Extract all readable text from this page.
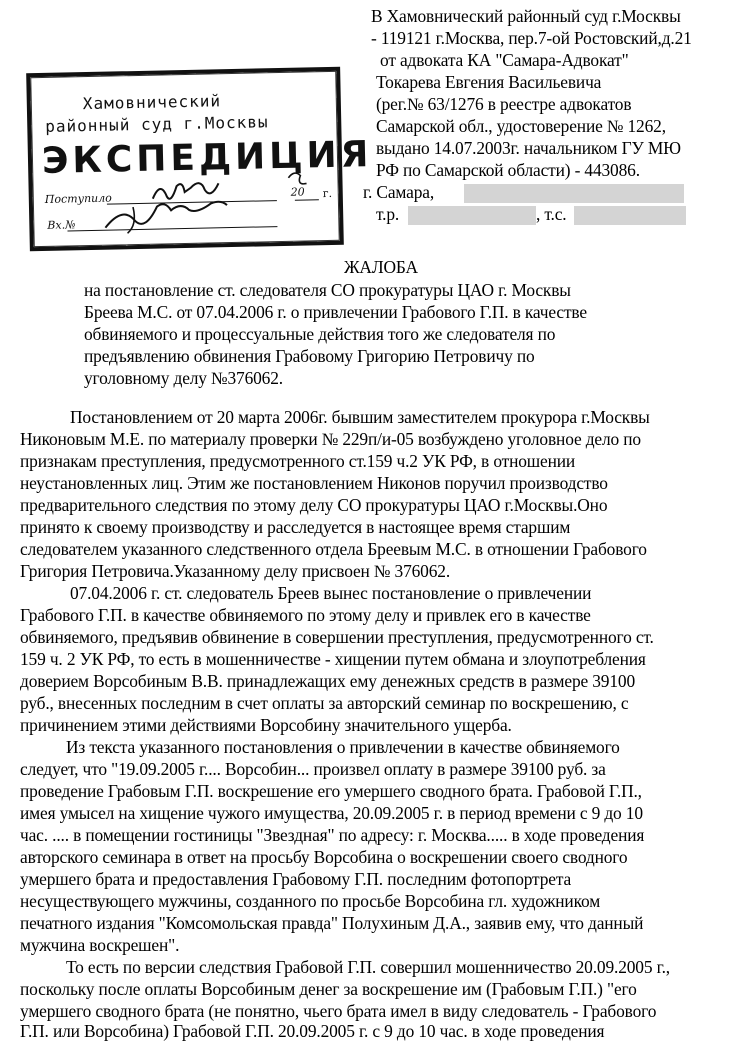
В Хамовнический районный суд г.Москвы
- 119121 г.Москва, пер.7-ой Ростовский,д.21
от адвоката КА "Самара-Адвокат"
Токарева Евгения Васильевича
(рег.№ 63/1276 в реестре адвокатов
Самарской обл., удостоверение № 1262,
выдано 14.07.2003г. начальником ГУ МЮ
РФ по Самарской области) - 443086.
г. Самара,
т.р.	, т.с.
Хамовнический
районный суд г.Москвы
ЭКСПЕДИЦИЯ
Поступило	20 г.
Вх.№
ЖАЛОБА
на постановление ст. следователя СО прокуратуры ЦАО г. Москвы
Бреева М.С. от 07.04.2006 г. о привлечении Грабового Г.П. в качестве
обвиняемого и процессуальные действия того же следователя по
предъявлению обвинения Грабовому Григорию Петровичу по
уголовному делу №376062.
Постановлением от 20 марта 2006г. бывшим заместителем прокурора г.Москвы
Никоновым М.Е. по материалу проверки № 229п/и-05 возбуждено уголовное дело по
признакам преступления, предусмотренного ст.159 ч.2 УК РФ, в отношении
неустановленных лиц. Этим же постановлением Никонов поручил производство
предварительного следствия по этому делу СО прокуратуры ЦАО г.Москвы.Оно
принято к своему производству и расследуется в настоящее время старшим
следователем указанного следственного отдела Бреевым М.С. в отношении Грабового
Григория Петровича.Указанному делу присвоен № 376062.
07.04.2006 г. ст. следователь Бреев вынес постановление о привлечении
Грабового Г.П. в качестве обвиняемого по этому делу и привлек его в качестве
обвиняемого, предъявив обвинение в совершении преступления, предусмотренного ст.
159 ч. 2 УК РФ, то есть в мошенничестве - хищении путем обмана и злоупотребления
доверием Ворсобиным В.В. принадлежащих ему денежных средств в размере 39100
руб., внесенных последним в счет оплаты за авторский семинар по воскрешению, с
причинением этими действиями Ворсобину значительного ущерба.
Из текста указанного постановления о привлечении в качестве обвиняемого
следует, что "19.09.2005 г.... Ворсобин... произвел оплату в размере 39100 руб. за
проведение Грабовым Г.П. воскрешение его умершего сводного брата. Грабовой Г.П.,
имея умысел на хищение чужого имущества, 20.09.2005 г. в период времени с 9 до 10
час. .... в помещении гостиницы "Звездная" по адресу: г. Москва..... в ходе проведения
авторского семинара в ответ на просьбу Ворсобина о воскрешении своего сводного
умершего брата и предоставления Грабовому Г.П. последним фотопортрета
несуществующего мужчины, созданного по просьбе Ворсобина гл. художником
печатного издания "Комсомольская правда" Полухиным Д.А., заявив ему, что данный
мужчина воскрешен".
То есть по версии следствия Грабовой Г.П. совершил мошенничество 20.09.2005 г.,
поскольку после оплаты Ворсобиным денег за воскрешение им (Грабовым Г.П.) "его
умершего сводного брата (не понятно, чьего брата имел в виду следователь - Грабового
Г.П. или Ворсобина) Грабовой Г.П. 20.09.2005 г. с 9 до 10 час. в ходе проведения
